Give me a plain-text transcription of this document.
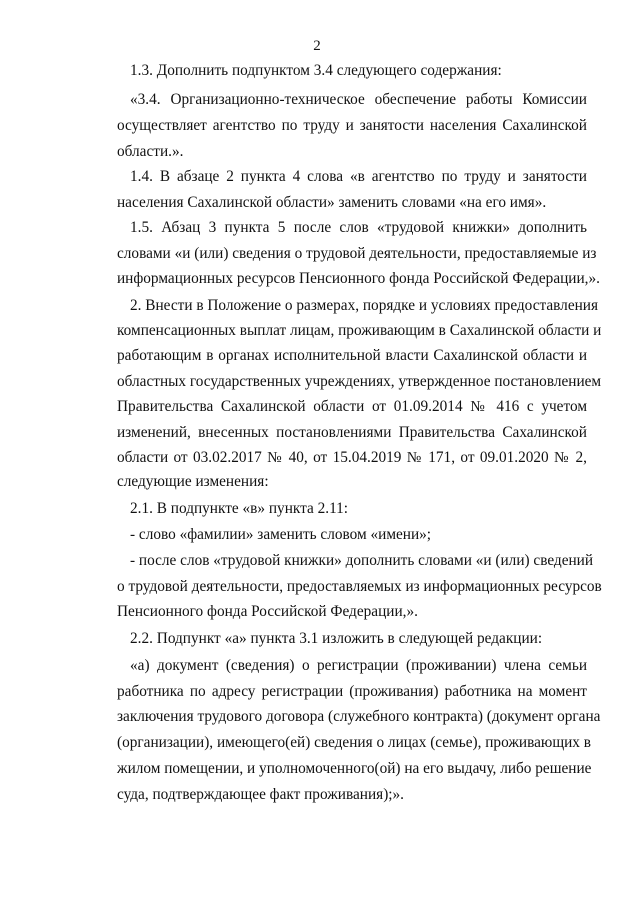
2
1.3. Дополнить подпунктом 3.4 следующего содержания:
«3.4. Организационно-техническое обеспечение работы Комиссии
осуществляет агентство по труду и занятости населения Сахалинской
области.».
1.4. В абзаце 2 пункта 4 слова «в агентство по труду и занятости
населения Сахалинской области» заменить словами «на его имя».
1.5. Абзац 3 пункта 5 после слов «трудовой книжки» дополнить
словами «и (или) сведения о трудовой деятельности, предоставляемые из
информационных ресурсов Пенсионного фонда Российской Федерации,».
2. Внести в Положение о размерах, порядке и условиях предоставления
компенсационных выплат лицам, проживающим в Сахалинской области и
работающим в органах исполнительной власти Сахалинской области и
областных государственных учреждениях, утвержденное постановлением
Правительства Сахалинской области от 01.09.2014 № 416 с учетом
изменений, внесенных постановлениями Правительства Сахалинской
области от 03.02.2017 № 40, от 15.04.2019 № 171, от 09.01.2020 № 2,
следующие изменения:
2.1. В подпункте «в» пункта 2.11:
- слово «фамилии» заменить словом «имени»;
- после слов «трудовой книжки» дополнить словами «и (или) сведений
о трудовой деятельности, предоставляемых из информационных ресурсов
Пенсионного фонда Российской Федерации,».
2.2. Подпункт «а» пункта 3.1 изложить в следующей редакции:
«а) документ (сведения) о регистрации (проживании) члена семьи
работника по адресу регистрации (проживания) работника на момент
заключения трудового договора (служебного контракта) (документ органа
(организации), имеющего(ей) сведения о лицах (семье), проживающих в
жилом помещении, и уполномоченного(ой) на его выдачу, либо решение
суда, подтверждающее факт проживания);».
